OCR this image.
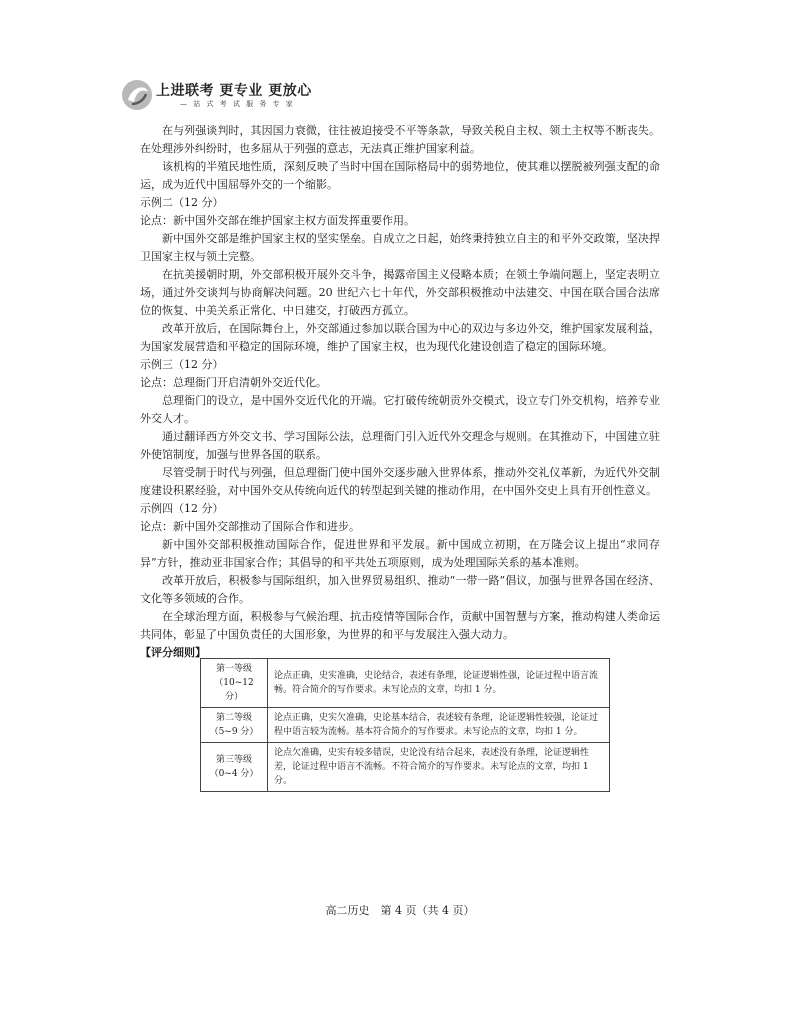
上进联考 更专业 更放心
— 站 式 考 试 服 务 专 家

在与列强谈判时，其因国力衰微，往往被迫接受不平等条款，导致关税自主权、领土主权等不断丧失。在处理涉外纠纷时，也多屈从于列强的意志，无法真正维护国家利益。

该机构的半殖民地性质，深刻反映了当时中国在国际格局中的弱势地位，使其难以摆脱被列强支配的命运，成为近代中国屈辱外交的一个缩影。

示例二（12 分）

论点：新中国外交部在维护国家主权方面发挥重要作用。

新中国外交部是维护国家主权的坚实堡垒。自成立之日起，始终秉持独立自主的和平外交政策，坚决捍卫国家主权与领土完整。

在抗美援朝时期，外交部积极开展外交斗争，揭露帝国主义侵略本质；在领土争端问题上，坚定表明立场，通过外交谈判与协商解决问题。20 世纪六七十年代，外交部积极推动中法建交、中国在联合国合法席位的恢复、中美关系正常化、中日建交，打破西方孤立。

改革开放后，在国际舞台上，外交部通过参加以联合国为中心的双边与多边外交，维护国家发展利益，为国家发展营造和平稳定的国际环境，维护了国家主权，也为现代化建设创造了稳定的国际环境。

示例三（12 分）

论点：总理衙门开启清朝外交近代化。

总理衙门的设立，是中国外交近代化的开端。它打破传统朝贡外交模式，设立专门外交机构，培养专业外交人才。

通过翻译西方外交文书、学习国际公法，总理衙门引入近代外交理念与规则。在其推动下，中国建立驻外使馆制度，加强与世界各国的联系。

尽管受制于时代与列强，但总理衙门使中国外交逐步融入世界体系，推动外交礼仪革新，为近代外交制度建设积累经验，对中国外交从传统向近代的转型起到关键的推动作用，在中国外交史上具有开创性意义。

示例四（12 分）

论点：新中国外交部推动了国际合作和进步。

新中国外交部积极推动国际合作，促进世界和平发展。新中国成立初期，在万隆会议上提出“求同存异”方针，推动亚非国家合作；其倡导的和平共处五项原则，成为处理国际关系的基本准则。

改革开放后，积极参与国际组织，加入世界贸易组织、推动“一带一路”倡议，加强与世界各国在经济、文化等多领域的合作。

在全球治理方面，积极参与气候治理、抗击疫情等国际合作，贡献中国智慧与方案，推动构建人类命运共同体，彰显了中国负责任的大国形象，为世界的和平与发展注入强大动力。

【评分细则】

第一等级
（10~12 分）	论点正确，史实准确，史论结合，表述有条理，论证逻辑性强，论证过程中语言流畅。符合简介的写作要求。未写论点的文章，均扣 1 分。

第二等级
（5~9 分）	论点正确，史实欠准确，史论基本结合，表述较有条理，论证逻辑性较强，论证过程中语言较为流畅。基本符合简介的写作要求。未写论点的文章，均扣 1 分。

第三等级
（0~4 分）	论点欠准确，史实有较多错误，史论没有结合起来，表述没有条理，论证逻辑性差，论证过程中语言不流畅。不符合简介的写作要求。未写论点的文章，均扣 1 分。
高二历史　第 4 页（共 4 页）
